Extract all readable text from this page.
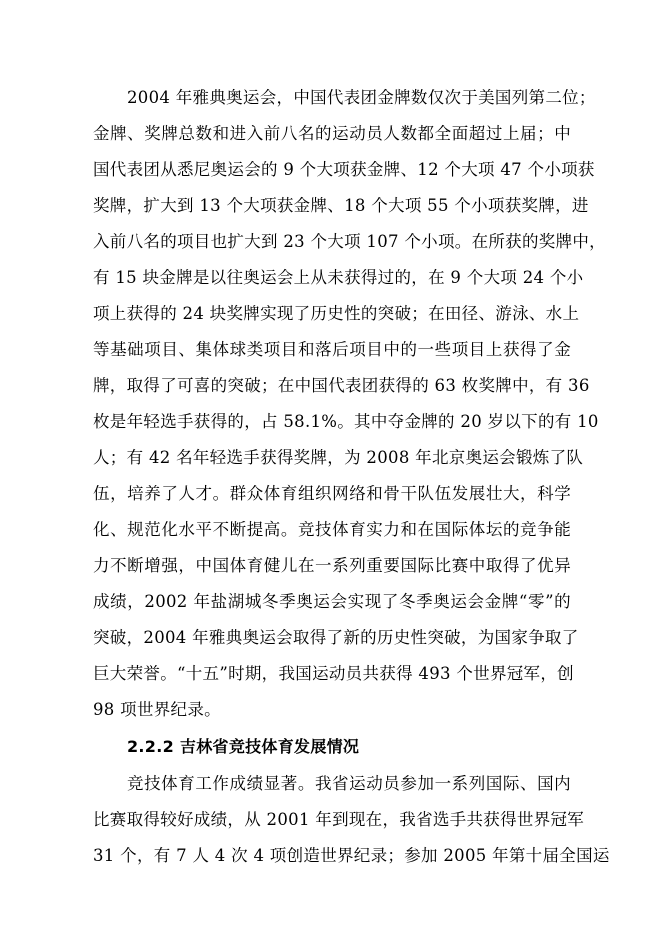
2004 年雅典奥运会，中国代表团金牌数仅次于美国列第二位；
金牌、奖牌总数和进入前八名的运动员人数都全面超过上届；中
国代表团从悉尼奥运会的 9 个大项获金牌、12 个大项 47 个小项获
奖牌，扩大到 13 个大项获金牌、18 个大项 55 个小项获奖牌，进
入前八名的项目也扩大到 23 个大项 107 个小项。在所获的奖牌中，
有 15 块金牌是以往奥运会上从未获得过的，在 9 个大项 24 个小
项上获得的 24 块奖牌实现了历史性的突破；在田径、游泳、水上
等基础项目、集体球类项目和落后项目中的一些项目上获得了金
牌，取得了可喜的突破；在中国代表团获得的 63 枚奖牌中，有 36
枚是年轻选手获得的，占 58.1%。其中夺金牌的 20 岁以下的有 10
人；有 42 名年轻选手获得奖牌，为 2008 年北京奥运会锻炼了队
伍，培养了人才。群众体育组织网络和骨干队伍发展壮大，科学
化、规范化水平不断提高。竞技体育实力和在国际体坛的竞争能
力不断增强，中国体育健儿在一系列重要国际比赛中取得了优异
成绩，2002 年盐湖城冬季奥运会实现了冬季奥运会金牌“零”的
突破，2004 年雅典奥运会取得了新的历史性突破，为国家争取了
巨大荣誉。“十五”时期，我国运动员共获得 493 个世界冠军，创
98 项世界纪录。
2.2.2 吉林省竞技体育发展情况
竞技体育工作成绩显著。我省运动员参加一系列国际、国内
比赛取得较好成绩，从 2001 年到现在，我省选手共获得世界冠军
31 个，有 7 人 4 次 4 项创造世界纪录；参加 2005 年第十届全国运
